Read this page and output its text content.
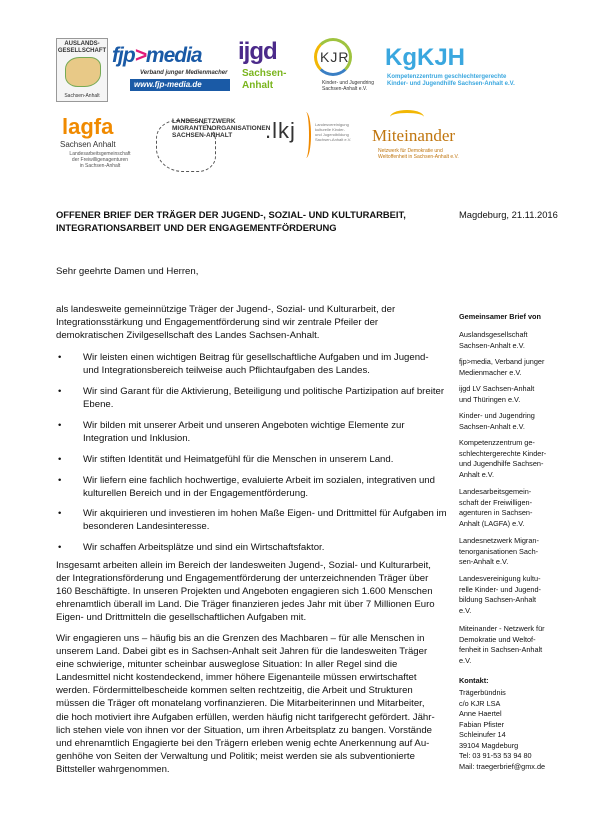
AUSLANDS-
GESELLSCHAFT
Sachsen-Anhalt
fjp>media
Verband junger Medienmacher
www.fjp-media.de
ijgd
Sachsen-
Anhalt
KJR
Kinder- und Jugendring
Sachsen-Anhalt e.V.
KgKJH
Kompetenzzentrum geschlechtergerechte
Kinder- und Jugendhilfe Sachsen-Anhalt e.V.
lagfa
Sachsen Anhalt
Landesarbeitsgemeinschaft
der Freiwilligenagenturen
in Sachsen-Anhalt
LANDESNETZWERK
MIGRANTENORGANISATIONEN
SACHSEN-ANHALT	.lkj	Landesvereinigung
kulturelle Kinder-
und Jugendbildung
Sachsen-Anhalt e.V. Miteinander
Netzwerk für Demokratie und
Weltoffenheit in Sachsen-Anhalt e.V.
OFFENER BRIEF DER TRÄGER DER JUGEND-, SOZIAL- UND KULTURARBEIT,
INTEGRATIONSARBEIT UND DER ENGAGEMENTFÖRDERUNG
Magdeburg, 21.11.2016
Sehr geehrte Damen und Herren,
als landesweite gemeinnützige Träger der Jugend-, Sozial- und Kulturarbeit, der
Integrationsstärkung und Engagementförderung sind wir zentrale Pfeiler der
demokratischen Zivilgesellschaft des Landes Sachsen-Anhalt.
• Wir leisten einen wichtigen Beitrag für gesellschaftliche Aufgaben und im Jugend-
und Integrationsbereich teilweise auch Pflichtaufgaben des Landes.
• Wir sind Garant für die Aktivierung, Beteiligung und politische Partizipation auf breiter
Ebene.
• Wir bilden mit unserer Arbeit und unseren Angeboten wichtige Elemente zur
Integration und Inklusion.
• Wir stiften Identität und Heimatgefühl für die Menschen in unserem Land.
• Wir liefern eine fachlich hochwertige, evaluierte Arbeit im sozialen, integrativen und
kulturellen Bereich und in der Engagementförderung.
• Wir akquirieren und investieren im hohen Maße Eigen- und Drittmittel für Aufgaben im
besonderen Landesinteresse.
• Wir schaffen Arbeitsplätze und sind ein Wirtschaftsfaktor.
Insgesamt arbeiten allein im Bereich der landesweiten Jugend-, Sozial- und Kulturarbeit,
der Integrationsförderung und Engagementförderung der unterzeichnenden Träger über
160 Beschäftigte. In unseren Projekten und Angeboten engagieren sich 1.600 Menschen
ehrenamtlich überall im Land. Die Träger finanzieren jedes Jahr mit über 7 Millionen Euro
Eigen- und Drittmitteln die gesellschaftlichen Aufgaben mit.
Wir engagieren uns – häufig bis an die Grenzen des Machbaren – für alle Menschen in
unserem Land. Dabei gibt es in Sachsen-Anhalt seit Jahren für die landesweiten Träger
eine schwierige, mitunter scheinbar ausweglose Situation: In aller Regel sind die
Landesmittel nicht kostendeckend, immer höhere Eigenanteile müssen erwirtschaftet
werden. Fördermittelbescheide kommen selten rechtzeitig, die Arbeit und Strukturen
müssen die Träger oft monatelang vorfinanzieren. Die Mitarbeiterinnen und Mitarbeiter,
die hoch motiviert ihre Aufgaben erfüllen, werden häufig nicht tarifgerecht gefördert. Jähr-
lich stehen viele von ihnen vor der Situation, um ihren Arbeitsplatz zu bangen. Vorstände
und ehrenamtlich Engagierte bei den Trägern erleben wenig echte Anerkennung auf Au-
genhöhe von Seiten der Verwaltung und Politik; meist werden sie als subventionierte
Bittsteller wahrgenommen.
Gemeinsamer Brief von
Auslandsgesellschaft
Sachsen-Anhalt e.V.
fjp>media, Verband junger
Medienmacher e.V.
ijgd LV Sachsen-Anhalt
und Thüringen e.V.
Kinder- und Jugendring
Sachsen-Anhalt e.V.
Kompetenzzentrum ge-
schlechtergerechte Kinder-
und Jugendhilfe Sachsen-
Anhalt e.V.
Landesarbeitsgemein-
schaft der Freiwilligen-
agenturen in Sachsen-
Anhalt (LAGFA) e.V.
Landesnetzwerk Migran-
tenorganisationen Sach-
sen-Anhalt e.V.
Landesvereinigung kultu-
relle Kinder- und Jugend-
bildung Sachsen-Anhalt
e.V.
Miteinander - Netzwerk für
Demokratie und Weltof-
fenheit in Sachsen-Anhalt
e.V.
Kontakt:
Trägerbündnis
c/o KJR LSA
Anne Haertel
Fabian Pfister
Schleinufer 14
39104 Magdeburg
Tel: 03 91-53 53 94 80
Mail: traegerbrief@gmx.de
